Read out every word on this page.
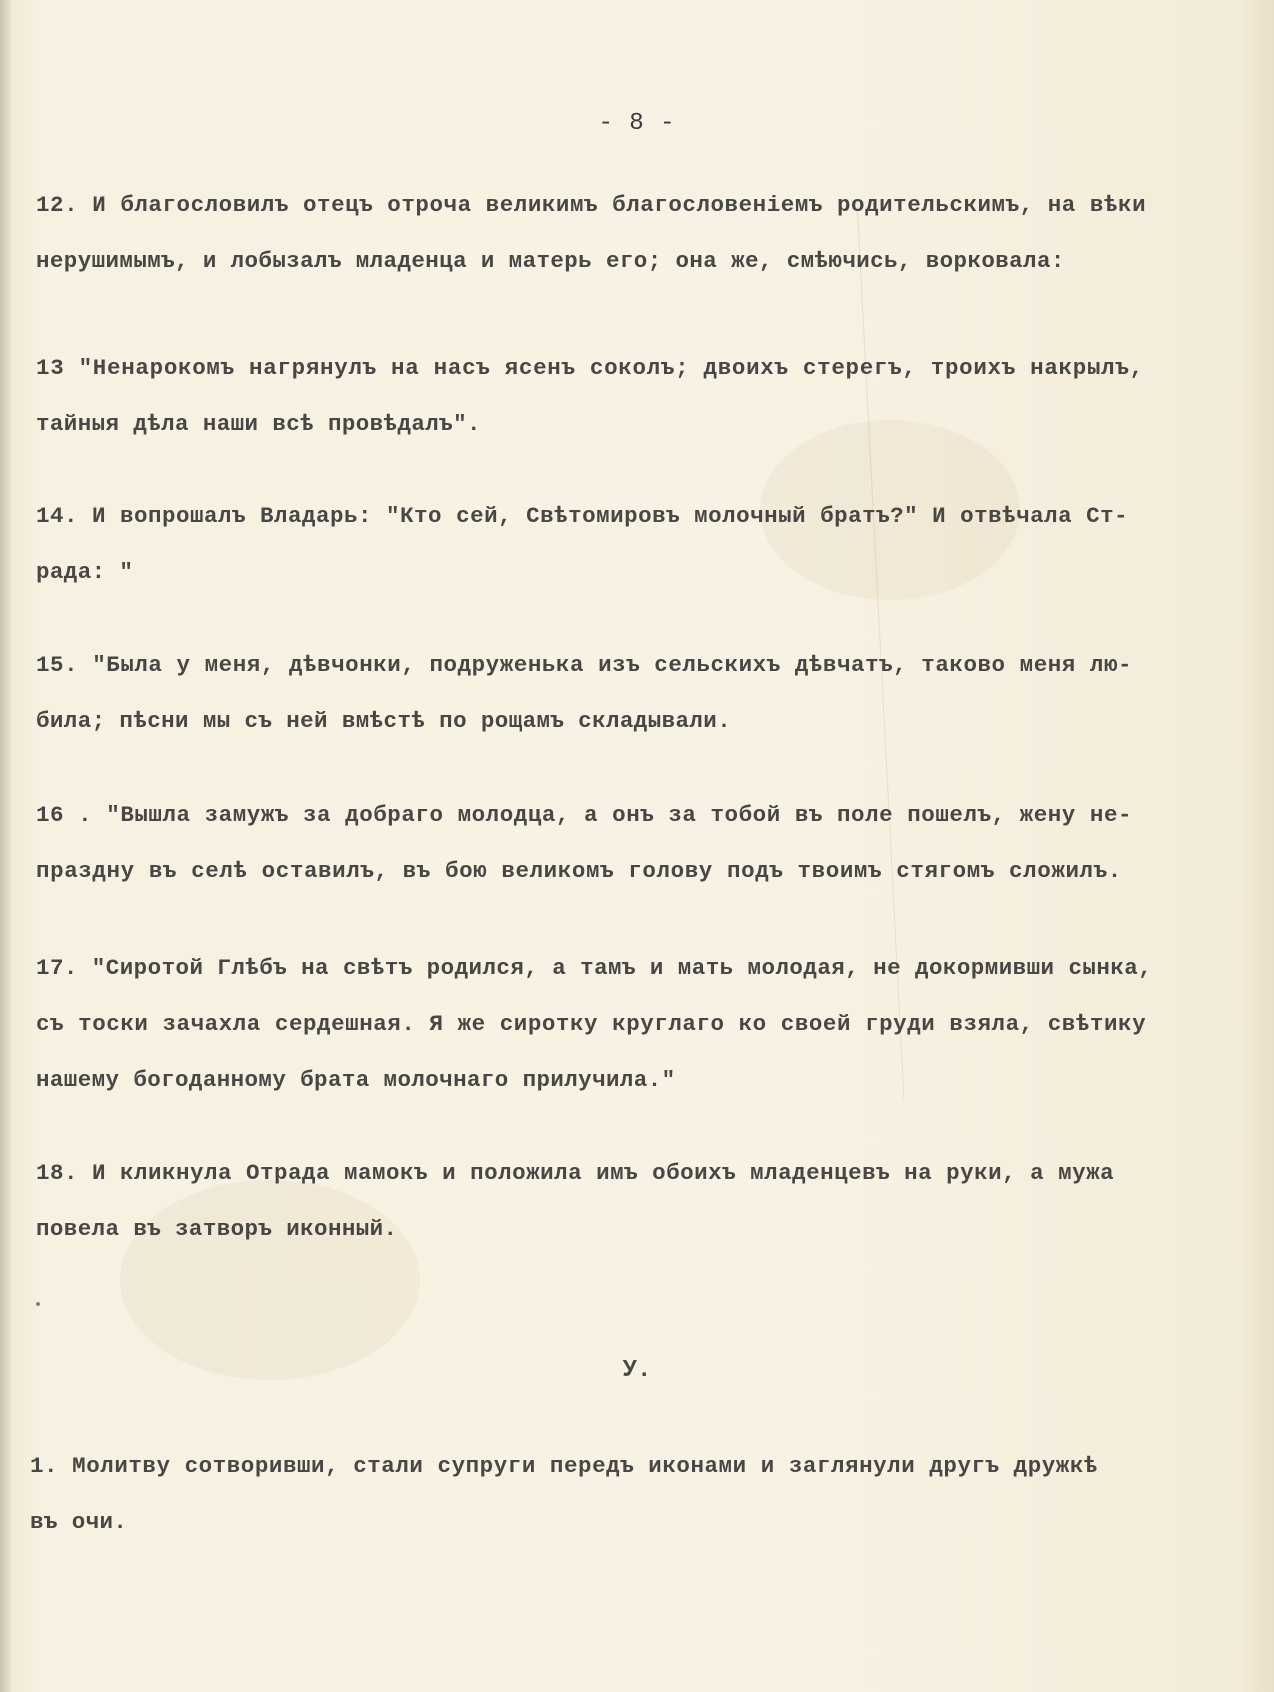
- 8 -
12. И благословилъ отецъ отроча великимъ благословенiемъ родительскимъ, на вѣки
нерушимымъ, и лобызалъ младенца и матерь его; она же, смѣючись, ворковала:
13 "Ненарокомъ нагрянулъ на насъ ясенъ соколъ; двоихъ стерегъ, троихъ накрылъ,
тайныя дѣла наши всѣ провѣдалъ".
14. И вопрошалъ Владарь: "Кто сей, Свѣтомировъ молочный братъ?" И отвѣчала Ст-
рада: "
15. "Была у меня, дѣвчонки, подруженька изъ сельскихъ дѣвчатъ, таково меня лю-
била; пѣсни мы съ ней вмѣстѣ по рощамъ складывали.
16 . "Вышла замужъ за добраго молодца, а онъ за тобой въ поле пошелъ, жену не-
праздну въ селѣ оставилъ, въ бою великомъ голову подъ твоимъ стягомъ сложилъ.
17. "Сиротой Глѣбъ на свѣтъ родился, а тамъ и мать молодая, не докормивши сынка,
съ тоски зачахла сердешная. Я же сиротку круглаго ко своей груди взяла, свѣтику
нашему богоданному брата молочнаго прилучила."
18. И кликнула Отрада мамокъ и положила имъ обоихъ младенцевъ на руки, а мужа
повела въ затворъ иконный.
У.
1. Молитву сотворивши, стали супруги передъ иконами и заглянули другъ дружкѣ
въ очи.
